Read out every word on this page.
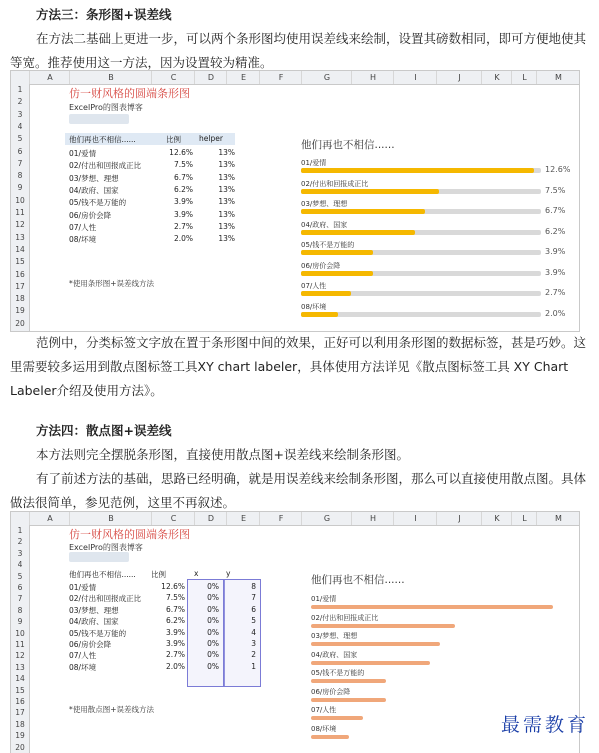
方法三：条形图+误差线
在方法二基础上更进一步，可以两个条形图均使用误差线来绘制，设置其磅数相同，即可方便地使其
等宽。推荐使用这一方法，因为设置较为精准。
A	B	C	D	E	F	G	H	I	J	K	L	M
1
2
3
4
5
6
7
8
9
10
11
12
13
14
15
16
17
18
19
20
仿一财风格的圆端条形图
ExcelPro的图表博客
他们再也不相信......	比例 helper
01/爱情	12.6%	13%
02/付出和回报成正比	7.5%	13%
03/梦想、理想	6.7%	13%
04/政府、国家	6.2%	13%
05/钱不是万能的	3.9%	13%
06/房价会降	3.9%	13%
07/人性	2.7%	13%
08/坏境	2.0%	13%
*使用条形图+误差线方法
他们再也不相信......
01/爱情
12.6%
02/付出和回报成正比
7.5%
03/梦想、理想
6.7%
04/政府、国家
6.2%
05/钱不是万能的
3.9%
06/房价会降
3.9%
07/人性
2.7%
08/坏境
2.0%
范例中，分类标签文字放在置于条形图中间的效果，正好可以利用条形图的数据标签，甚是巧妙。这
里需要较多运用到散点图标签工具XY chart labeler，具体使用方法详见《散点图标签工具 XY Chart
Labeler介绍及使用方法》。
方法四：散点图+误差线
本方法则完全摆脱条形图，直接使用散点图+误差线来绘制条形图。
有了前述方法的基础，思路已经明确，就是用误差线来绘制条形图，那么可以直接使用散点图。具体
做法很简单，参见范例，这里不再叙述。
A	B	C	D	E	F	G	H	I	J	K	L	M
1
2
3
4
5
6
7
8
9
10
11
12
13
14
15
16
17
18
19
20
仿一财风格的圆端条形图
ExcelPro的图表博客
他们再也不相信...... 比例	x	y
01/爱情	12.6%	0%	8
02/付出和回报成正比	7.5%	0%	7
03/梦想、理想	6.7%	0%	6
04/政府、国家	6.2%	0%	5
05/钱不是万能的	3.9%	0%	4
06/房价会降	3.9%	0%	3
07/人性	2.7%	0%	2
08/坏境	2.0%	0%	1
*使用散点图+误差线方法
他们再也不相信......
01/爱情
02/付出和回报成正比
03/梦想、理想
04/政府、国家
05/钱不是万能的
06/房价会降
07/人性
08/坏境	最需教育
